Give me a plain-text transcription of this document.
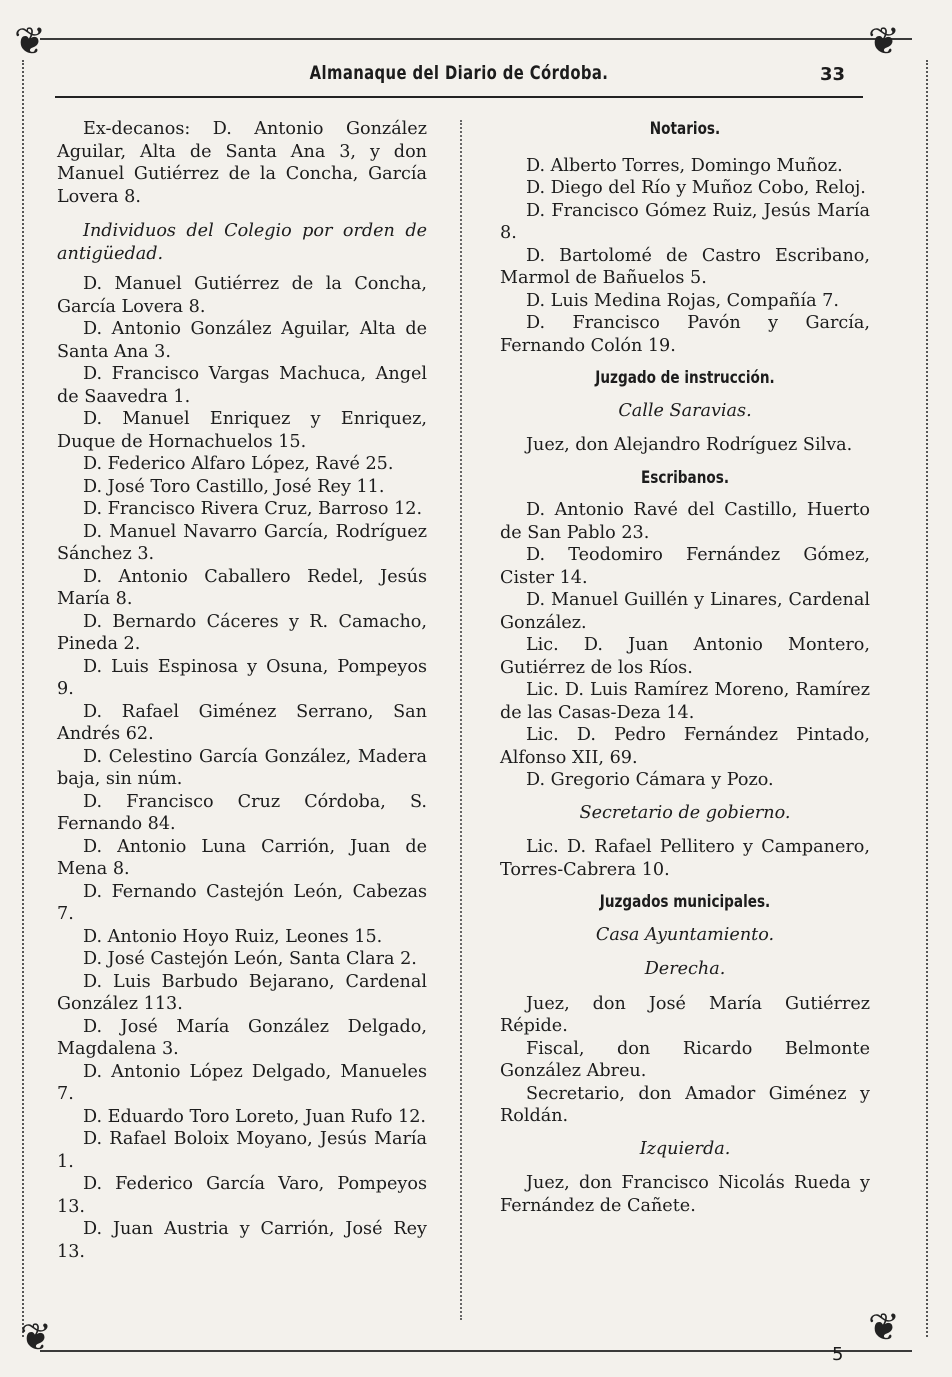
❦	❦
❦	❦
Almanaque del Diario de Córdoba.	33

Ex-decanos: D. Antonio González Aguilar, Alta de Santa Ana 3, y don Manuel Gutiérrez de la Concha, García Lovera 8.

Individuos del Colegio por orden de antigüedad.

D. Manuel Gutiérrez de la Concha, García Lovera 8.

D. Antonio González Aguilar, Alta de Santa Ana 3.

D. Francisco Vargas Machuca, Angel de Saavedra 1.

D. Manuel Enriquez y Enriquez, Duque de Hornachuelos 15.

D. Federico Alfaro López, Ravé 25.

D. José Toro Castillo, José Rey 11.

D. Francisco Rivera Cruz, Barroso 12.

D. Manuel Navarro García, Rodríguez Sánchez 3.

D. Antonio Caballero Redel, Jesús María 8.

D. Bernardo Cáceres y R. Camacho, Pineda 2.

D. Luis Espinosa y Osuna, Pompeyos 9.

D. Rafael Giménez Serrano, San Andrés 62.

D. Celestino García González, Madera baja, sin núm.

D. Francisco Cruz Córdoba, S. Fernando 84.

D. Antonio Luna Carrión, Juan de Mena 8.

D. Fernando Castejón León, Cabezas 7.

D. Antonio Hoyo Ruiz, Leones 15.

D. José Castejón León, Santa Clara 2.

D. Luis Barbudo Bejarano, Cardenal González 113.

D. José María González Delgado, Magdalena 3.

D. Antonio López Delgado, Manueles 7.

D. Eduardo Toro Loreto, Juan Rufo 12.

D. Rafael Boloix Moyano, Jesús María 1.

D. Federico García Varo, Pompeyos 13.

D. Juan Austria y Carrión, José Rey 13.

Notarios.

D. Alberto Torres, Domingo Muñoz.

D. Diego del Río y Muñoz Cobo, Reloj.

D. Francisco Gómez Ruiz, Jesús María 8.

D. Bartolomé de Castro Escribano, Marmol de Bañuelos 5.

D. Luis Medina Rojas, Compañía 7.

D. Francisco Pavón y García, Fernando Colón 19.

Juzgado de instrucción.
Calle Saravias.

Juez, don Alejandro Rodríguez Silva.

Escribanos.

D. Antonio Ravé del Castillo, Huerto de San Pablo 23.

D. Teodomiro Fernández Gómez, Cister 14.

D. Manuel Guillén y Linares, Cardenal González.

Lic. D. Juan Antonio Montero, Gutiérrez de los Ríos.

Lic. D. Luis Ramírez Moreno, Ramírez de las Casas-Deza 14.

Lic. D. Pedro Fernández Pintado, Alfonso XII, 69.

D. Gregorio Cámara y Pozo.

Secretario de gobierno.

Lic. D. Rafael Pellitero y Campanero, Torres-Cabrera 10.

Juzgados municipales.
Casa Ayuntamiento.
Derecha.

Juez, don José María Gutiérrez Répide.

Fiscal, don Ricardo Belmonte González Abreu.

Secretario, don Amador Giménez y Roldán.

Izquierda.

Juez, don Francisco Nicolás Rueda y Fernández de Cañete.

5
